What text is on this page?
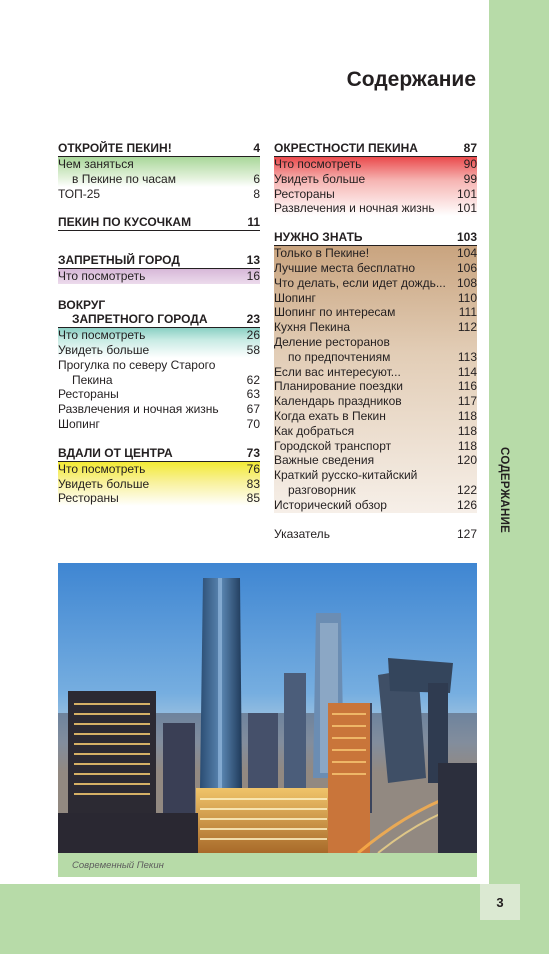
СОДЕРЖАНИЕ
3
Содержание
ОТКРОЙТЕ ПЕКИН!	4
Чем заняться
в Пекине по часам	6
ТОП-25	8
ПЕКИН ПО КУСОЧКАМ	11
ЗАПРЕТНЫЙ ГОРОД	13
Что посмотреть	16
ВОКРУГ
ЗАПРЕТНОГО ГОРОДА	23
Что посмотреть	26
Увидеть больше	58
Прогулка по северу Старого
Пекина	62
Рестораны	63
Развлечения и ночная жизнь	67
Шопинг	70
ВДАЛИ ОТ ЦЕНТРА	73
Что посмотреть	76
Увидеть больше	83
Рестораны	85
ОКРЕСТНОСТИ ПЕКИНА	87
Что посмотреть	90
Увидеть больше	99
Рестораны	101
Развлечения и ночная жизнь	101
НУЖНО ЗНАТЬ	103
Только в Пекине!	104
Лучшие места бесплатно	106
Что делать, если идет дождь... 108
Шопинг	110
Шопинг по интересам	111
Кухня Пекина	112
Деление ресторанов
по предпочтениям	113
Если вас интересуют...	114
Планирование поездки	116
Календарь праздников	117
Когда ехать в Пекин	118
Как добраться	118
Городской транспорт	118
Важные сведения	120
Краткий русско-китайский
разговорник	122
Исторический обзор	126
Указатель	127
Современный Пекин
